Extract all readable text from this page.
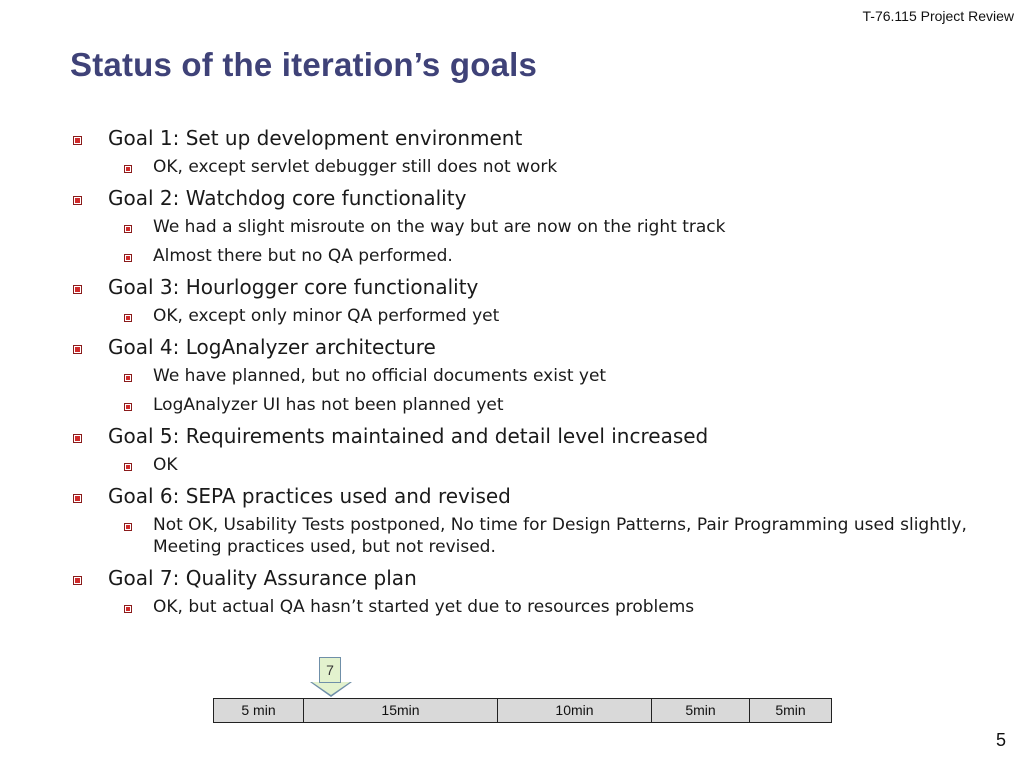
T-76.115 Project Review
Status of the iteration’s goals
Goal 1: Set up development environment
OK, except servlet debugger still does not work
Goal 2: Watchdog core functionality
We had a slight misroute on the way but are now on the right track
Almost there but no QA performed.
Goal 3: Hourlogger core functionality
OK, except only minor QA performed yet
Goal 4: LogAnalyzer architecture
We have planned, but no official documents exist yet
LogAnalyzer UI has not been planned yet
Goal 5: Requirements maintained and detail level increased
OK
Goal 6: SEPA practices used and revised
Not OK, Usability Tests postponed, No time for Design Patterns, Pair Programming used slightly, Meeting practices used, but not revised.
Goal 7: Quality Assurance plan
OK, but actual QA hasn’t started yet due to resources problems
7
5 min	15min	10min	5min	5min
5
